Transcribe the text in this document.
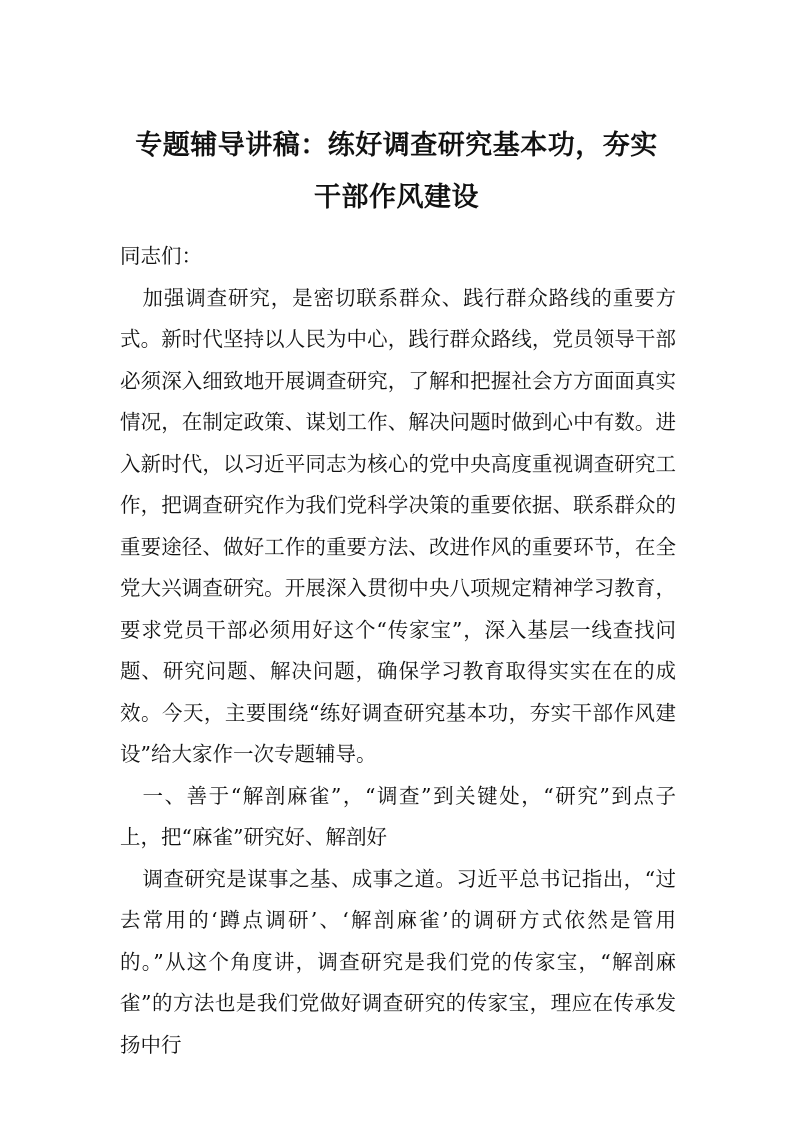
专题辅导讲稿：练好调查研究基本功，夯实
干部作风建设

同志们：

加强调查研究，是密切联系群众、践行群众路线的重要方式。新时代坚持以人民为中心，践行群众路线，党员领导干部必须深入细致地开展调查研究，了解和把握社会方方面面真实情况，在制定政策、谋划工作、解决问题时做到心中有数。进入新时代，以习近平同志为核心的党中央高度重视调查研究工作，把调查研究作为我们党科学决策的重要依据、联系群众的重要途径、做好工作的重要方法、改进作风的重要环节，在全党大兴调查研究。开展深入贯彻中央八项规定精神学习教育，要求党员干部必须用好这个“传家宝”，深入基层一线查找问题、研究问题、解决问题，确保学习教育取得实实在在的成效。今天，主要围绕“练好调查研究基本功，夯实干部作风建设”给大家作一次专题辅导。

一、善于“解剖麻雀”，“调查”到关键处，“研究”到点子上，把“麻雀”研究好、解剖好

调查研究是谋事之基、成事之道。习近平总书记指出，“过去常用的‘蹲点调研’、‘解剖麻雀’的调研方式依然是管用的。”从这个角度讲，调查研究是我们党的传家宝，“解剖麻雀”的方法也是我们党做好调查研究的传家宝，理应在传承发扬中行
